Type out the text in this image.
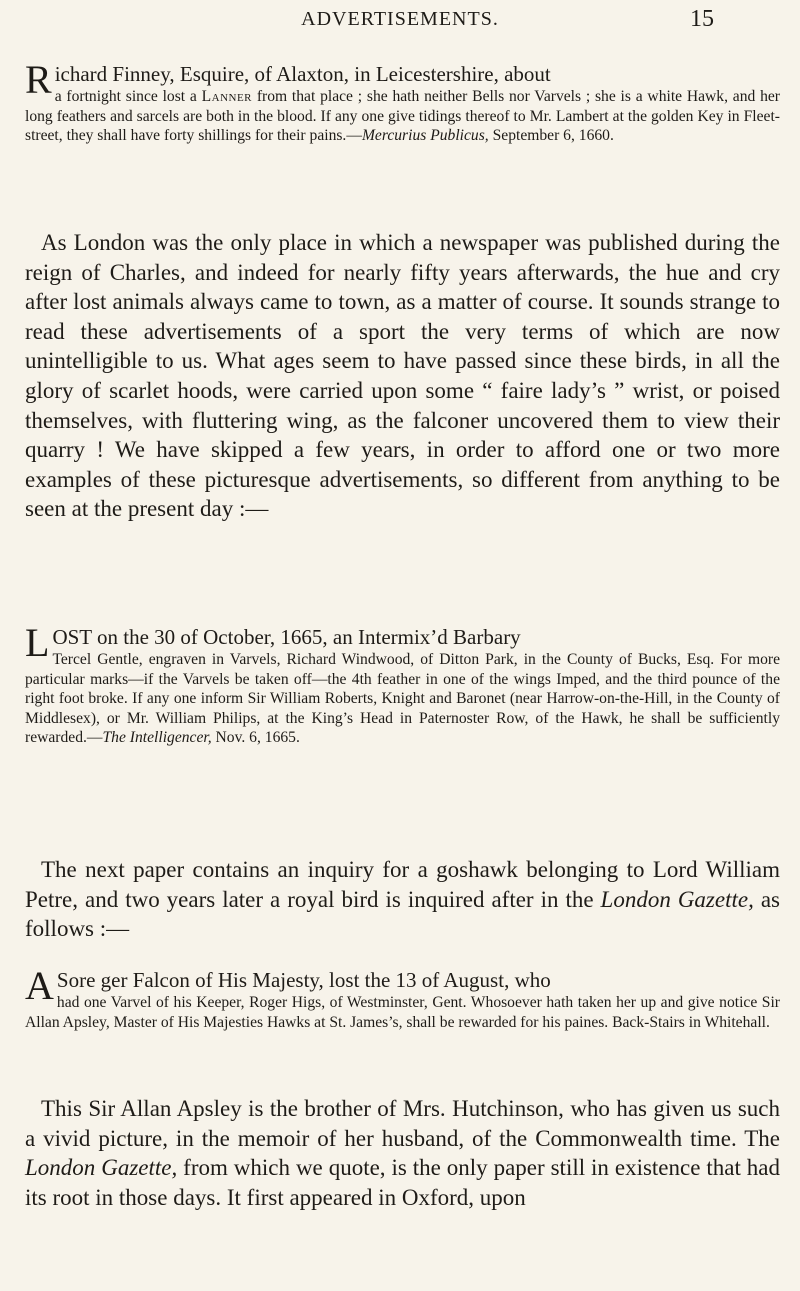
ADVERTISEMENTS.	15
R ichard Finney, Esquire, of Alaxton, in Leicestershire, about
a fortnight since lost a Lanner from that place ; she hath neither Bells nor Varvels ; she is a white Hawk, and her long feathers and sarcels are both in the blood. If any one give tidings thereof to Mr. Lambert at the golden Key in Fleet-street, they shall have forty shillings for their pains.—Mercurius Publicus, September 6, 1660.

As London was the only place in which a newspaper was published during the reign of Charles, and indeed for nearly fifty years afterwards, the hue and cry after lost animals always came to town, as a matter of course. It sounds strange to read these advertisements of a sport the very terms of which are now unintelligible to us. What ages seem to have passed since these birds, in all the glory of scarlet hoods, were carried upon some “ faire lady’s ” wrist, or poised themselves, with fluttering wing, as the falconer uncovered them to view their quarry ! We have skipped a few years, in order to afford one or two more examples of these picturesque advertisements, so different from anything to be seen at the present day :—

L OST on the 30 of October, 1665, an Intermix’d Barbary
Tercel Gentle, engraven in Varvels, Richard Windwood, of Ditton Park, in the County of Bucks, Esq. For more particular marks—if the Varvels be taken off—the 4th feather in one of the wings Imped, and the third pounce of the right foot broke. If any one inform Sir William Roberts, Knight and Baronet (near Harrow-on-the-Hill, in the County of Middlesex), or Mr. William Philips, at the King’s Head in Paternoster Row, of the Hawk, he shall be sufficiently rewarded.—The Intelligencer, Nov. 6, 1665.

The next paper contains an inquiry for a goshawk belonging to Lord William Petre, and two years later a royal bird is inquired after in the London Gazette, as follows :—

A Sore ger Falcon of His Majesty, lost the 13 of August, who
had one Varvel of his Keeper, Roger Higs, of Westminster, Gent. Whosoever hath taken her up and give notice Sir Allan Apsley, Master of His Majesties Hawks at St. James’s, shall be rewarded for his paines. Back-Stairs in Whitehall.

This Sir Allan Apsley is the brother of Mrs. Hutchinson, who has given us such a vivid picture, in the memoir of her husband, of the Commonwealth time. The London Gazette, from which we quote, is the only paper still in existence that had its root in those days. It first appeared in Oxford, upon
